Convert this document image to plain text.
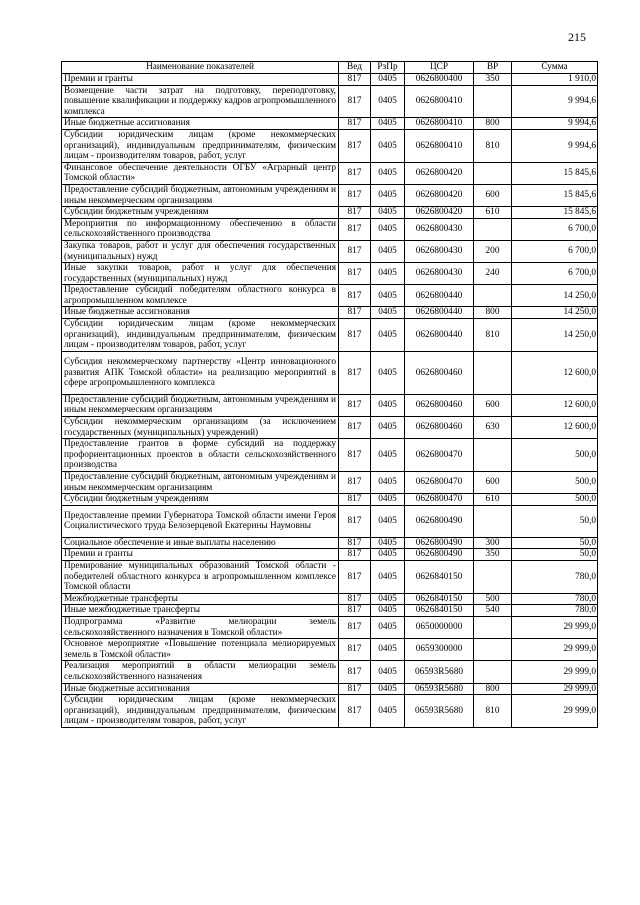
215
Наименование показателей	Вед	РзПр	ЦСР	ВР	Сумма
Премии и гранты	817	0405	0626800400	350	1 910,0
Возмещение части затрат на подготовку, переподготовку, повышение квалификации и поддержку кадров агропромышленного комплекса	817	0405	0626800410		9 994,6
Иные бюджетные ассигнования	817	0405	0626800410	800	9 994,6
Субсидии юридическим лицам (кроме некоммерческих организаций), индивидуальным предпринимателям, физическим лицам - производителям товаров, работ, услуг	817	0405	0626800410	810	9 994,6
Финансовое обеспечение деятельности ОГБУ «Аграрный центр Томской области»	817	0405	0626800420		15 845,6
Предоставление субсидий бюджетным, автономным учреждениям и иным некоммерческим организациям	817	0405	0626800420	600	15 845,6
Субсидии бюджетным учреждениям	817	0405	0626800420	610	15 845,6
Мероприятия по информационному обеспечению в области сельскохозяйственного производства	817	0405	0626800430		6 700,0
Закупка товаров, работ и услуг для обеспечения государственных (муниципальных) нужд	817	0405	0626800430	200	6 700,0
Иные закупки товаров, работ и услуг для обеспечения государственных (муниципальных) нужд	817	0405	0626800430	240	6 700,0
Предоставление субсидий победителям областного конкурса в агропромышленном комплексе	817	0405	0626800440		14 250,0
Иные бюджетные ассигнования	817	0405	0626800440	800	14 250,0
Субсидии юридическим лицам (кроме некоммерческих организаций), индивидуальным предпринимателям, физическим лицам - производителям товаров, работ, услуг	817	0405	0626800440	810	14 250,0
Субсидия некоммерческому партнерству «Центр инновационного развития АПК Томской области» на реализацию мероприятий в сфере агропромышленного комплекса	817	0405	0626800460		12 600,0
Предоставление субсидий бюджетным, автономным учреждениям и иным некоммерческим организациям	817	0405	0626800460	600	12 600,0
Субсидии некоммерческим организациям (за исключением государственных (муниципальных) учреждений)	817	0405	0626800460	630	12 600,0
Предоставление грантов в форме субсидий на поддержку профориентационных проектов в области сельскохозяйственного производства	817	0405	0626800470		500,0
Предоставление субсидий бюджетным, автономным учреждениям и иным некоммерческим организациям	817	0405	0626800470	600	500,0
Субсидии бюджетным учреждениям	817	0405	0626800470	610	500,0
Предоставление премии Губернатора Томской области имени Героя Социалистического труда Белозерцевой Екатерины Наумовны	817	0405	0626800490		50,0
Социальное обеспечение и иные выплаты населению	817	0405	0626800490	300	50,0
Премии и гранты	817	0405	0626800490	350	50,0
Премирование муниципальных образований Томской области - победителей областного конкурса в агропромышленном комплексе Томской области	817	0405	0626840150		780,0
Межбюджетные трансферты	817	0405	0626840150	500	780,0
Иные межбюджетные трансферты	817	0405	0626840150	540	780,0
Подпрограмма «Развитие мелиорации земель сельскохозяйственного назначения в Томской области»	817	0405	0650000000		29 999,0
Основное мероприятие «Повышение потенциала мелиорируемых земель в Томской области»	817	0405	0659300000		29 999,0
Реализация мероприятий в области мелиорации земель сельскохозяйственного назначения	817	0405	06593R5680		29 999,0
Иные бюджетные ассигнования	817	0405	06593R5680	800	29 999,0
Субсидии юридическим лицам (кроме некоммерческих организаций), индивидуальным предпринимателям, физическим лицам - производителям товаров, работ, услуг	817	0405	06593R5680	810	29 999,0
